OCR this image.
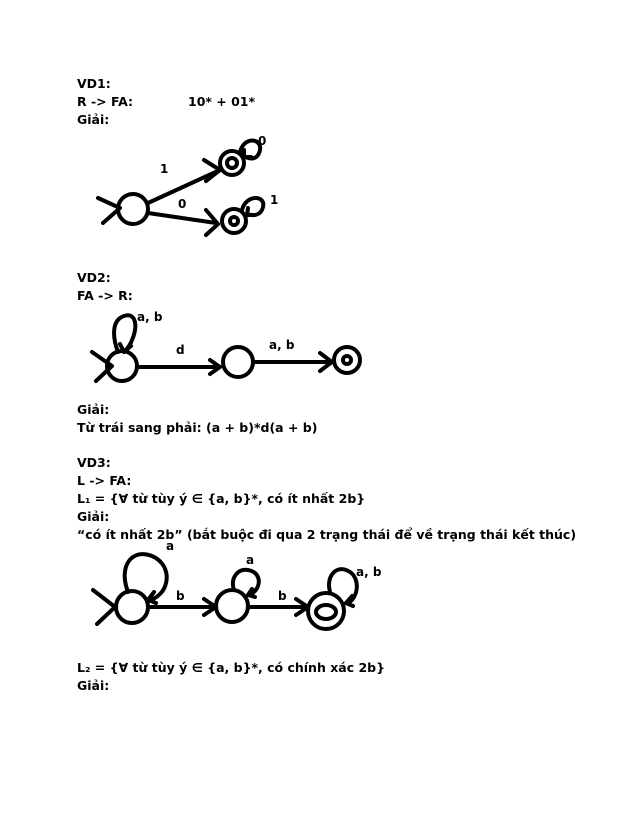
VD1:
R -> FA:	10* + 01*
Giải:
1
0
0	1
VD2:
FA -> R:
a, b
d	a, b
Giải:
Từ trái sang phải: (a + b)*d(a + b)
VD3:
L -> FA:
L₁ = {∀ từ tùy ý ∈ {a, b}*, có ít nhất 2b}
Giải:
“có ít nhất 2b” (bắt buộc đi qua 2 trạng thái để về trạng thái kết thúc)
a
b
a
b
a, b
L₂ = {∀ từ tùy ý ∈ {a, b}*, có chính xác 2b}
Giải:
